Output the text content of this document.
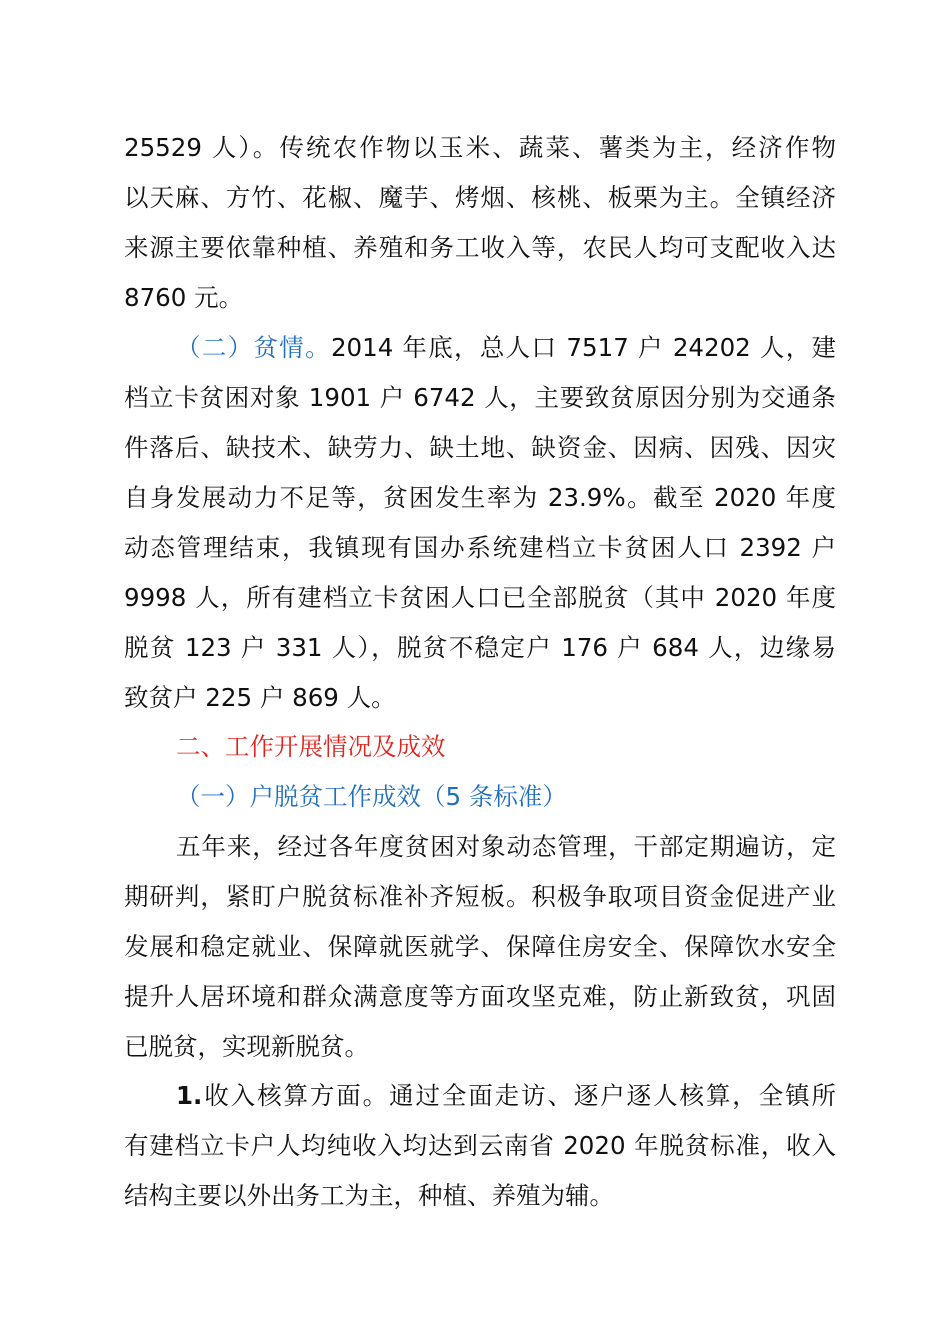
25529 人）。传统农作物以玉米、蔬菜、薯类为主，经济作物
以天麻、方竹、花椒、魔芋、烤烟、核桃、板栗为主。全镇经济
来源主要依靠种植、养殖和务工收入等，农民人均可支配收入达
8760 元。
（二）贫情。2014 年底，总人口 7517 户 24202 人，建
档立卡贫困对象 1901 户 6742 人，主要致贫原因分别为交通条
件落后、缺技术、缺劳力、缺土地、缺资金、因病、因残、因灾
自身发展动力不足等，贫困发生率为 23.9%。截至 2020 年度
动态管理结束，我镇现有国办系统建档立卡贫困人口 2392 户
9998 人，所有建档立卡贫困人口已全部脱贫（其中 2020 年度
脱贫 123 户 331 人），脱贫不稳定户 176 户 684 人，边缘易
致贫户 225 户 869 人。
二、工作开展情况及成效
（一）户脱贫工作成效（5 条标准）
五年来，经过各年度贫困对象动态管理，干部定期遍访，定
期研判，紧盯户脱贫标准补齐短板。积极争取项目资金促进产业
发展和稳定就业、保障就医就学、保障住房安全、保障饮水安全
提升人居环境和群众满意度等方面攻坚克难，防止新致贫，巩固
已脱贫，实现新脱贫。
1.收入核算方面。通过全面走访、逐户逐人核算，全镇所
有建档立卡户人均纯收入均达到云南省 2020 年脱贫标准，收入
结构主要以外出务工为主，种植、养殖为辅。
